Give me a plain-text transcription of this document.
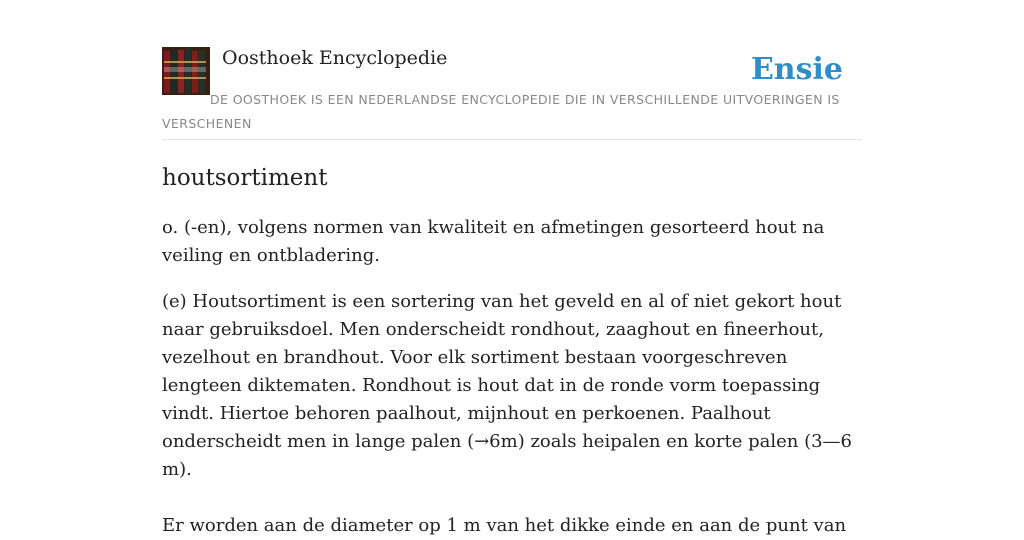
Oosthoek Encyclopedie	Ensie
DE OOSTHOEK IS EEN NEDERLANDSE ENCYCLOPEDIE DIE IN VERSCHILLENDE UITVOERINGEN IS VERSCHENEN
houtsortiment

o. (-en), volgens normen van kwaliteit en afmetingen gesorteerd hout na veiling en ontbladering.

(e) Houtsortiment is een sortering van het geveld en al of niet gekort hout naar gebruiksdoel. Men onderscheidt rondhout, zaaghout en fineerhout, vezelhout en brandhout. Voor elk sortiment bestaan voorgeschreven lengteen diktematen. Rondhout is hout dat in de ronde vorm toepassing vindt. Hiertoe behoren paalhout, mijnhout en perkoenen. Paalhout onderscheidt men in lange palen (→6m) zoals heipalen en korte palen (3—6 m).

Er worden aan de diameter op 1 m van het dikke einde en aan de punt van
